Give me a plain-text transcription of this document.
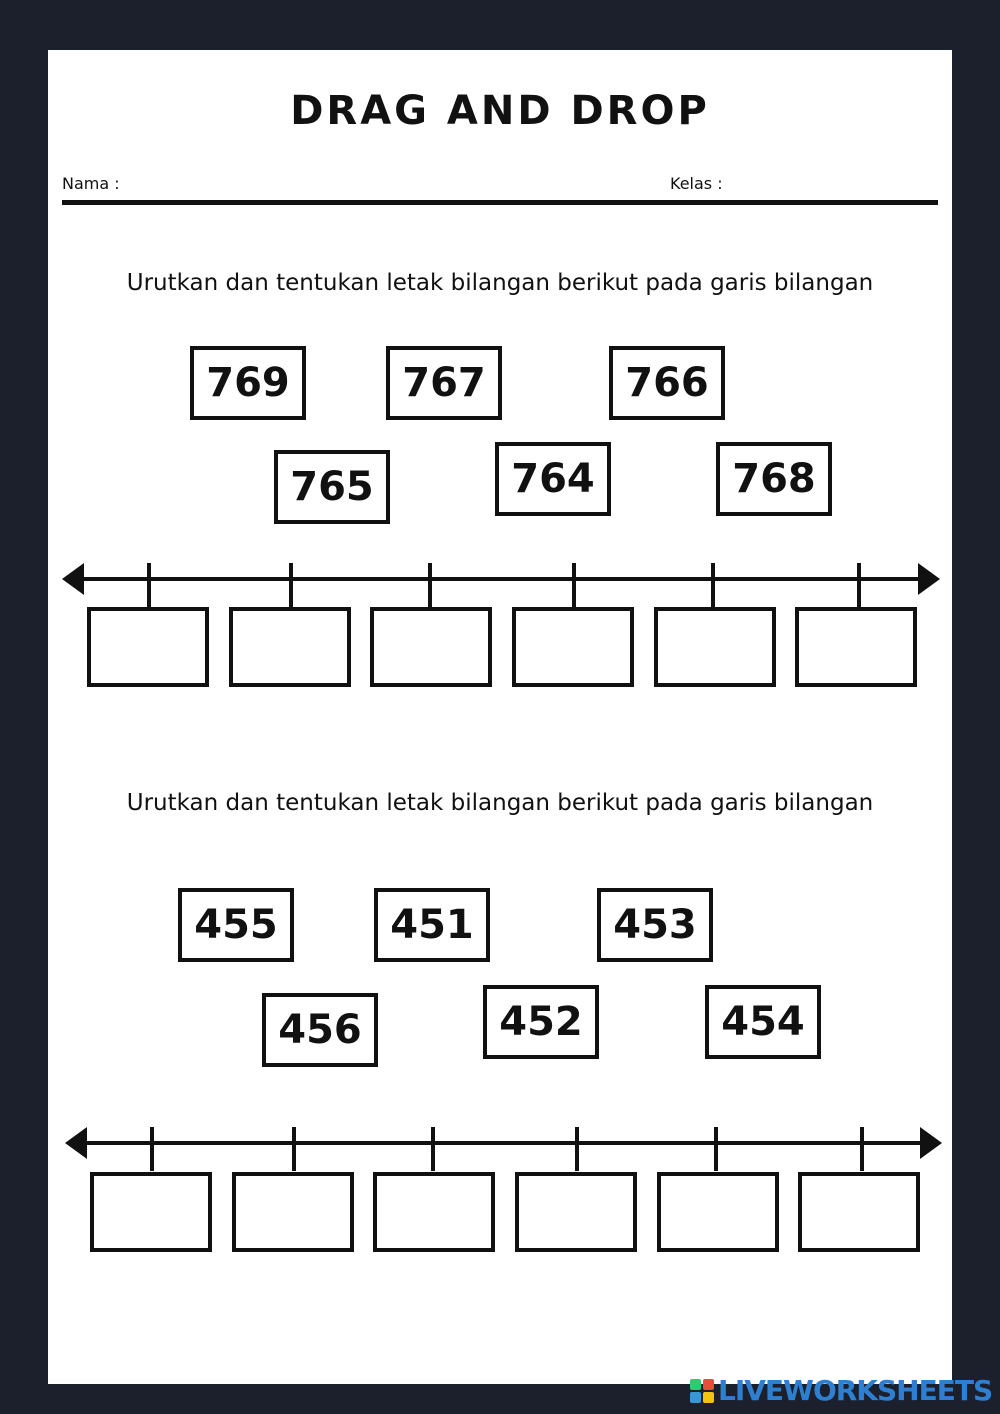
DRAG AND DROP
Nama :	Kelas :
Urutkan dan tentukan letak bilangan berikut pada garis bilangan
769	767	766
765	764	768
Urutkan dan tentukan letak bilangan berikut pada garis bilangan
455	451	453
456	452	454
LIVEWORKSHEETS
